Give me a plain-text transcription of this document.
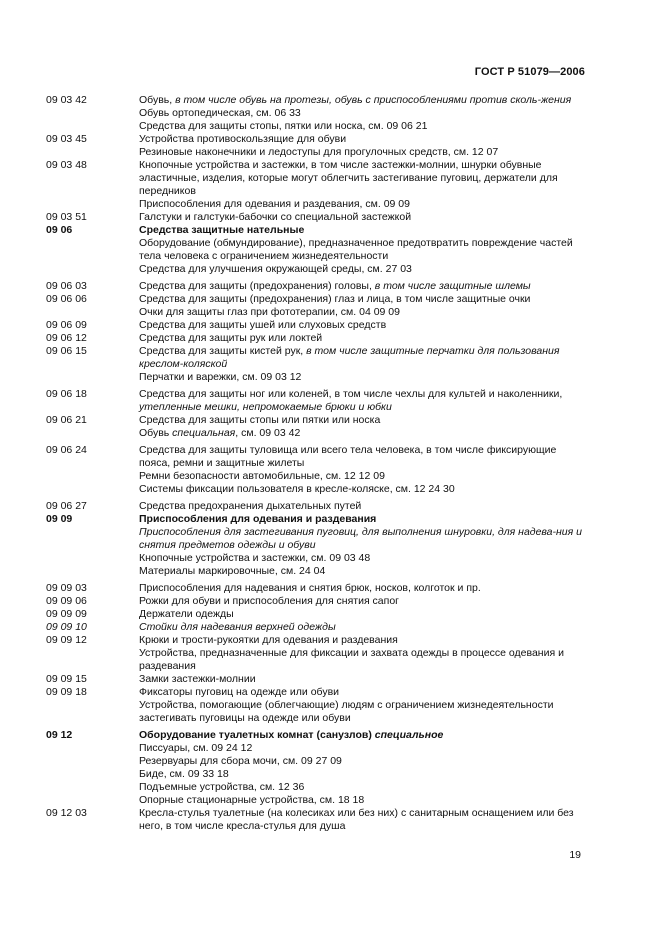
ГОСТ Р 51079—2006
09 03 42	Обувь, в том числе обувь на протезы, обувь с приспособлениями против сколь-жения

Обувь ортопедическая, см. 06 33

Средства для защиты стопы, пятки или носка, см. 09 06 21

09 03 45	Устройства противоскользящие для обуви

Резиновые наконечники и ледоступы для прогулочных средств, см. 12 07

09 03 48	Кнопочные устройства и застежки, в том числе застежки-молнии, шнурки обувные эластичные, изделия, которые могут облегчить застегивание пуговиц, держатели для передников

Приспособления для одевания и раздевания, см. 09 09

09 03 51	Галстуки и галстуки-бабочки со специальной застежкой

09 06	Средства защитные нательные

Оборудование (обмундирование), предназначенное предотвратить повреждение частей тела человека с ограничением жизнедеятельности

Средства для улучшения окружающей среды, см. 27 03

09 06 03	Средства для защиты (предохранения) головы, в том числе защитные шлемы

09 06 06	Средства для защиты (предохранения) глаз и лица, в том числе защитные очки

Очки для защиты глаз при фототерапии, см. 04 09 09

09 06 09	Средства для защиты ушей или слуховых средств

09 06 12	Средства для защиты рук или локтей

09 06 15	Средства для защиты кистей рук, в том числе защитные перчатки для пользования креслом-коляской

Перчатки и варежки, см. 09 03 12

09 06 18	Средства для защиты ног или коленей, в том числе чехлы для культей и наколенники, утепленные мешки, непромокаемые брюки и юбки

09 06 21	Средства для защиты стопы или пятки или носка

Обувь специальная, см. 09 03 42

09 06 24	Средства для защиты туловища или всего тела человека, в том числе фиксирующие пояса, ремни и защитные жилеты

Ремни безопасности автомобильные, см. 12 12 09

Системы фиксации пользователя в кресле-коляске, см. 12 24 30

09 06 27	Средства предохранения дыхательных путей

09 09	Приспособления для одевания и раздевания

Приспособления для застегивания пуговиц, для выполнения шнуровки, для надева-ния и снятия предметов одежды и обуви

Кнопочные устройства и застежки, см. 09 03 48

Материалы маркировочные, см. 24 04

09 09 03	Приспособления для надевания и снятия брюк, носков, колготок и пр.

09 09 06	Рожки для обуви и приспособления для снятия сапог

09 09 09	Держатели одежды

09 09 10	Стойки для надевания верхней одежды

09 09 12	Крюки и трости-рукоятки для одевания и раздевания

Устройства, предназначенные для фиксации и захвата одежды в процессе одевания и раздевания

09 09 15	Замки застежки-молнии

09 09 18	Фиксаторы пуговиц на одежде или обуви

Устройства, помогающие (облегчающие) людям с ограничением жизнедеятельности застегивать пуговицы на одежде или обуви

09 12	Оборудование туалетных комнат (санузлов) специальное

Писсуары, см. 09 24 12

Резервуары для сбора мочи, см. 09 27 09

Биде, см. 09 33 18

Подъемные устройства, см. 12 36

Опорные стационарные устройства, см. 18 18

09 12 03	Кресла-стулья туалетные (на колесиках или без них) с санитарным оснащением или без него, в том числе кресла-стулья для душа

19
